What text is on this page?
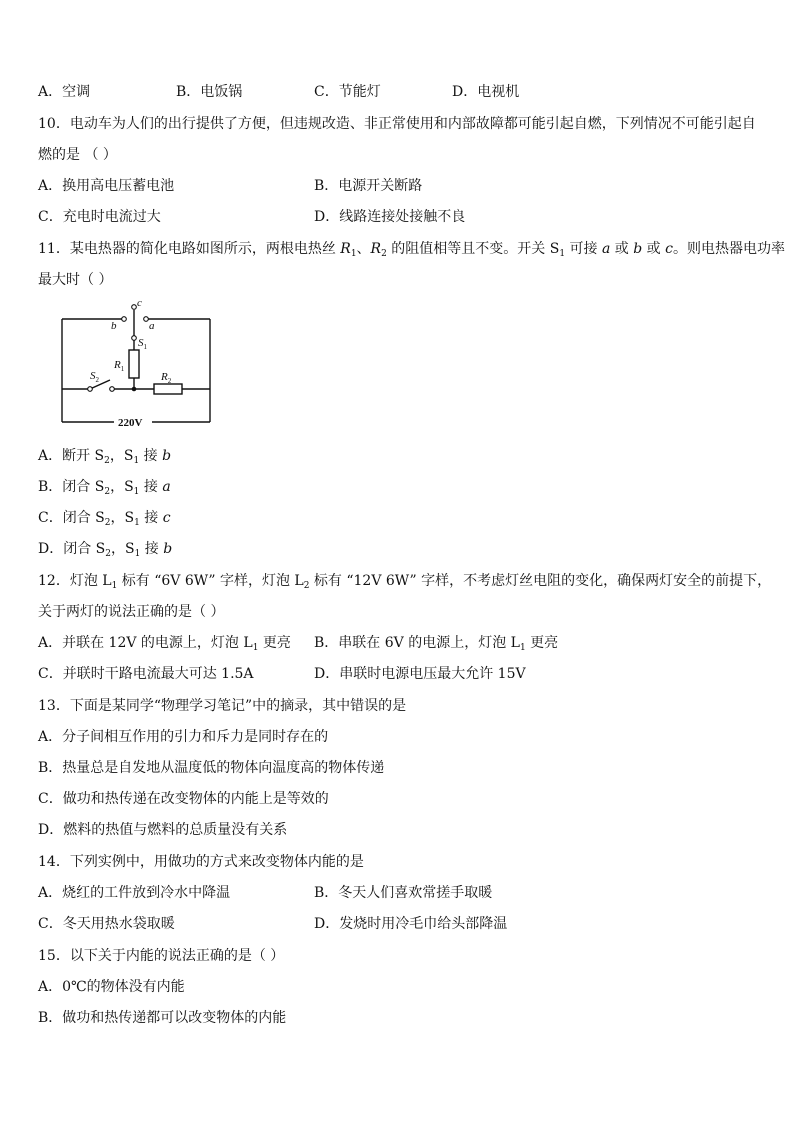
A．空调	B．电饭锅	C．节能灯	D．电视机
10．电动车为人们的出行提供了方便，但违规改造、非正常使用和内部故障都可能引起自燃，下列情况不可能引起自
燃的是 （ ）
A．换用高电压蓄电池	B．电源开关断路
C．充电时电流过大	D．线路连接处接触不良
11．某电热器的简化电路如图所示，两根电热丝 $R_1$、$R_2$ 的阻值相等且不变。开关 $S_1$ 可接 a 或 b 或 c。则电热器电功率
最大时（ ）
c
b	a
$S_1$
$R_1$
$S_2$	$R_2$
220V
A．断开 $S_2$，$S_1$ 接 b
B．闭合 $S_2$，$S_1$ 接 a
C．闭合 $S_2$，$S_1$ 接 c
D．闭合 $S_2$，$S_1$ 接 b
12．灯泡 $L_1$ 标有 “6V 6W” 字样，灯泡 $L_2$ 标有 “12V 6W” 字样，不考虑灯丝电阻的变化，确保两灯安全的前提下，
关于两灯的说法正确的是（ ）
A．并联在 12V 的电源上，灯泡 $L_1$ 更亮 B．串联在 6V 的电源上，灯泡 $L_1$ 更亮
C．并联时干路电流最大可达 1.5A	D．串联时电源电压最大允许 15V
13．下面是某同学“物理学习笔记”中的摘录，其中错误的是
A．分子间相互作用的引力和斥力是同时存在的
B．热量总是自发地从温度低的物体向温度高的物体传递
C．做功和热传递在改变物体的内能上是等效的
D．燃料的热值与燃料的总质量没有关系
14．下列实例中，用做功的方式来改变物体内能的是
A．烧红的工件放到冷水中降温	B．冬天人们喜欢常搓手取暖
C．冬天用热水袋取暖	D．发烧时用冷毛巾给头部降温
15．以下关于内能的说法正确的是（ ）
A．0℃的物体没有内能
B．做功和热传递都可以改变物体的内能
